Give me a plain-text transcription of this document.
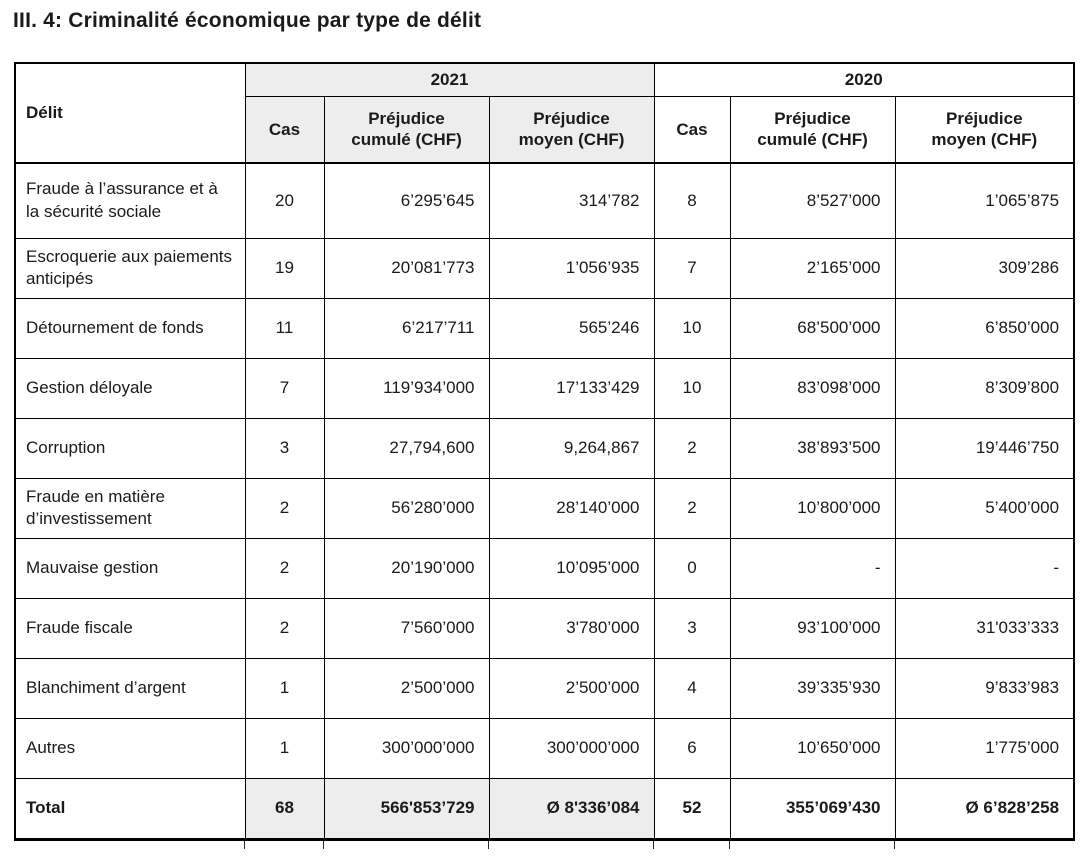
III. 4: Criminalité économique par type de délit
Délit	2021			2020		
	Cas	Préjudice cumulé (CHF)	Préjudice moyen (CHF)	Cas	Préjudice cumulé (CHF)	Préjudice moyen (CHF)
Fraude à l’assurance et à la sécurité sociale	20	6’295’645	314’782	8	8’527’000	1’065’875
Escroquerie aux paiements anticipés	19	20’081’773	1’056’935	7	2’165’000	309’286
Détournement de fonds	11	6’217’711	565’246	10	68’500’000	6’850’000
Gestion déloyale	7	119’934’000	17’133’429	10	83’098’000	8’309’800
Corruption	3	27,794,600	9,264,867	2	38’893’500	19’446’750
Fraude en matière d’investissement	2	56’280’000	28’140’000	2	10’800’000	5’400’000
Mauvaise gestion	2	20’190’000	10’095’000	0	-	-
Fraude fiscale	2	7’560’000	3'780’000	3	93’100’000	31'033’333
Blanchiment d’argent	1	2’500’000	2’500’000	4	39’335’930	9’833’983
Autres	1	300’000’000	300’000’000	6	10’650’000	1’775’000
Total	68	566'853’729	Ø 8'336’084	52	355’069’430	Ø 6’828’258
